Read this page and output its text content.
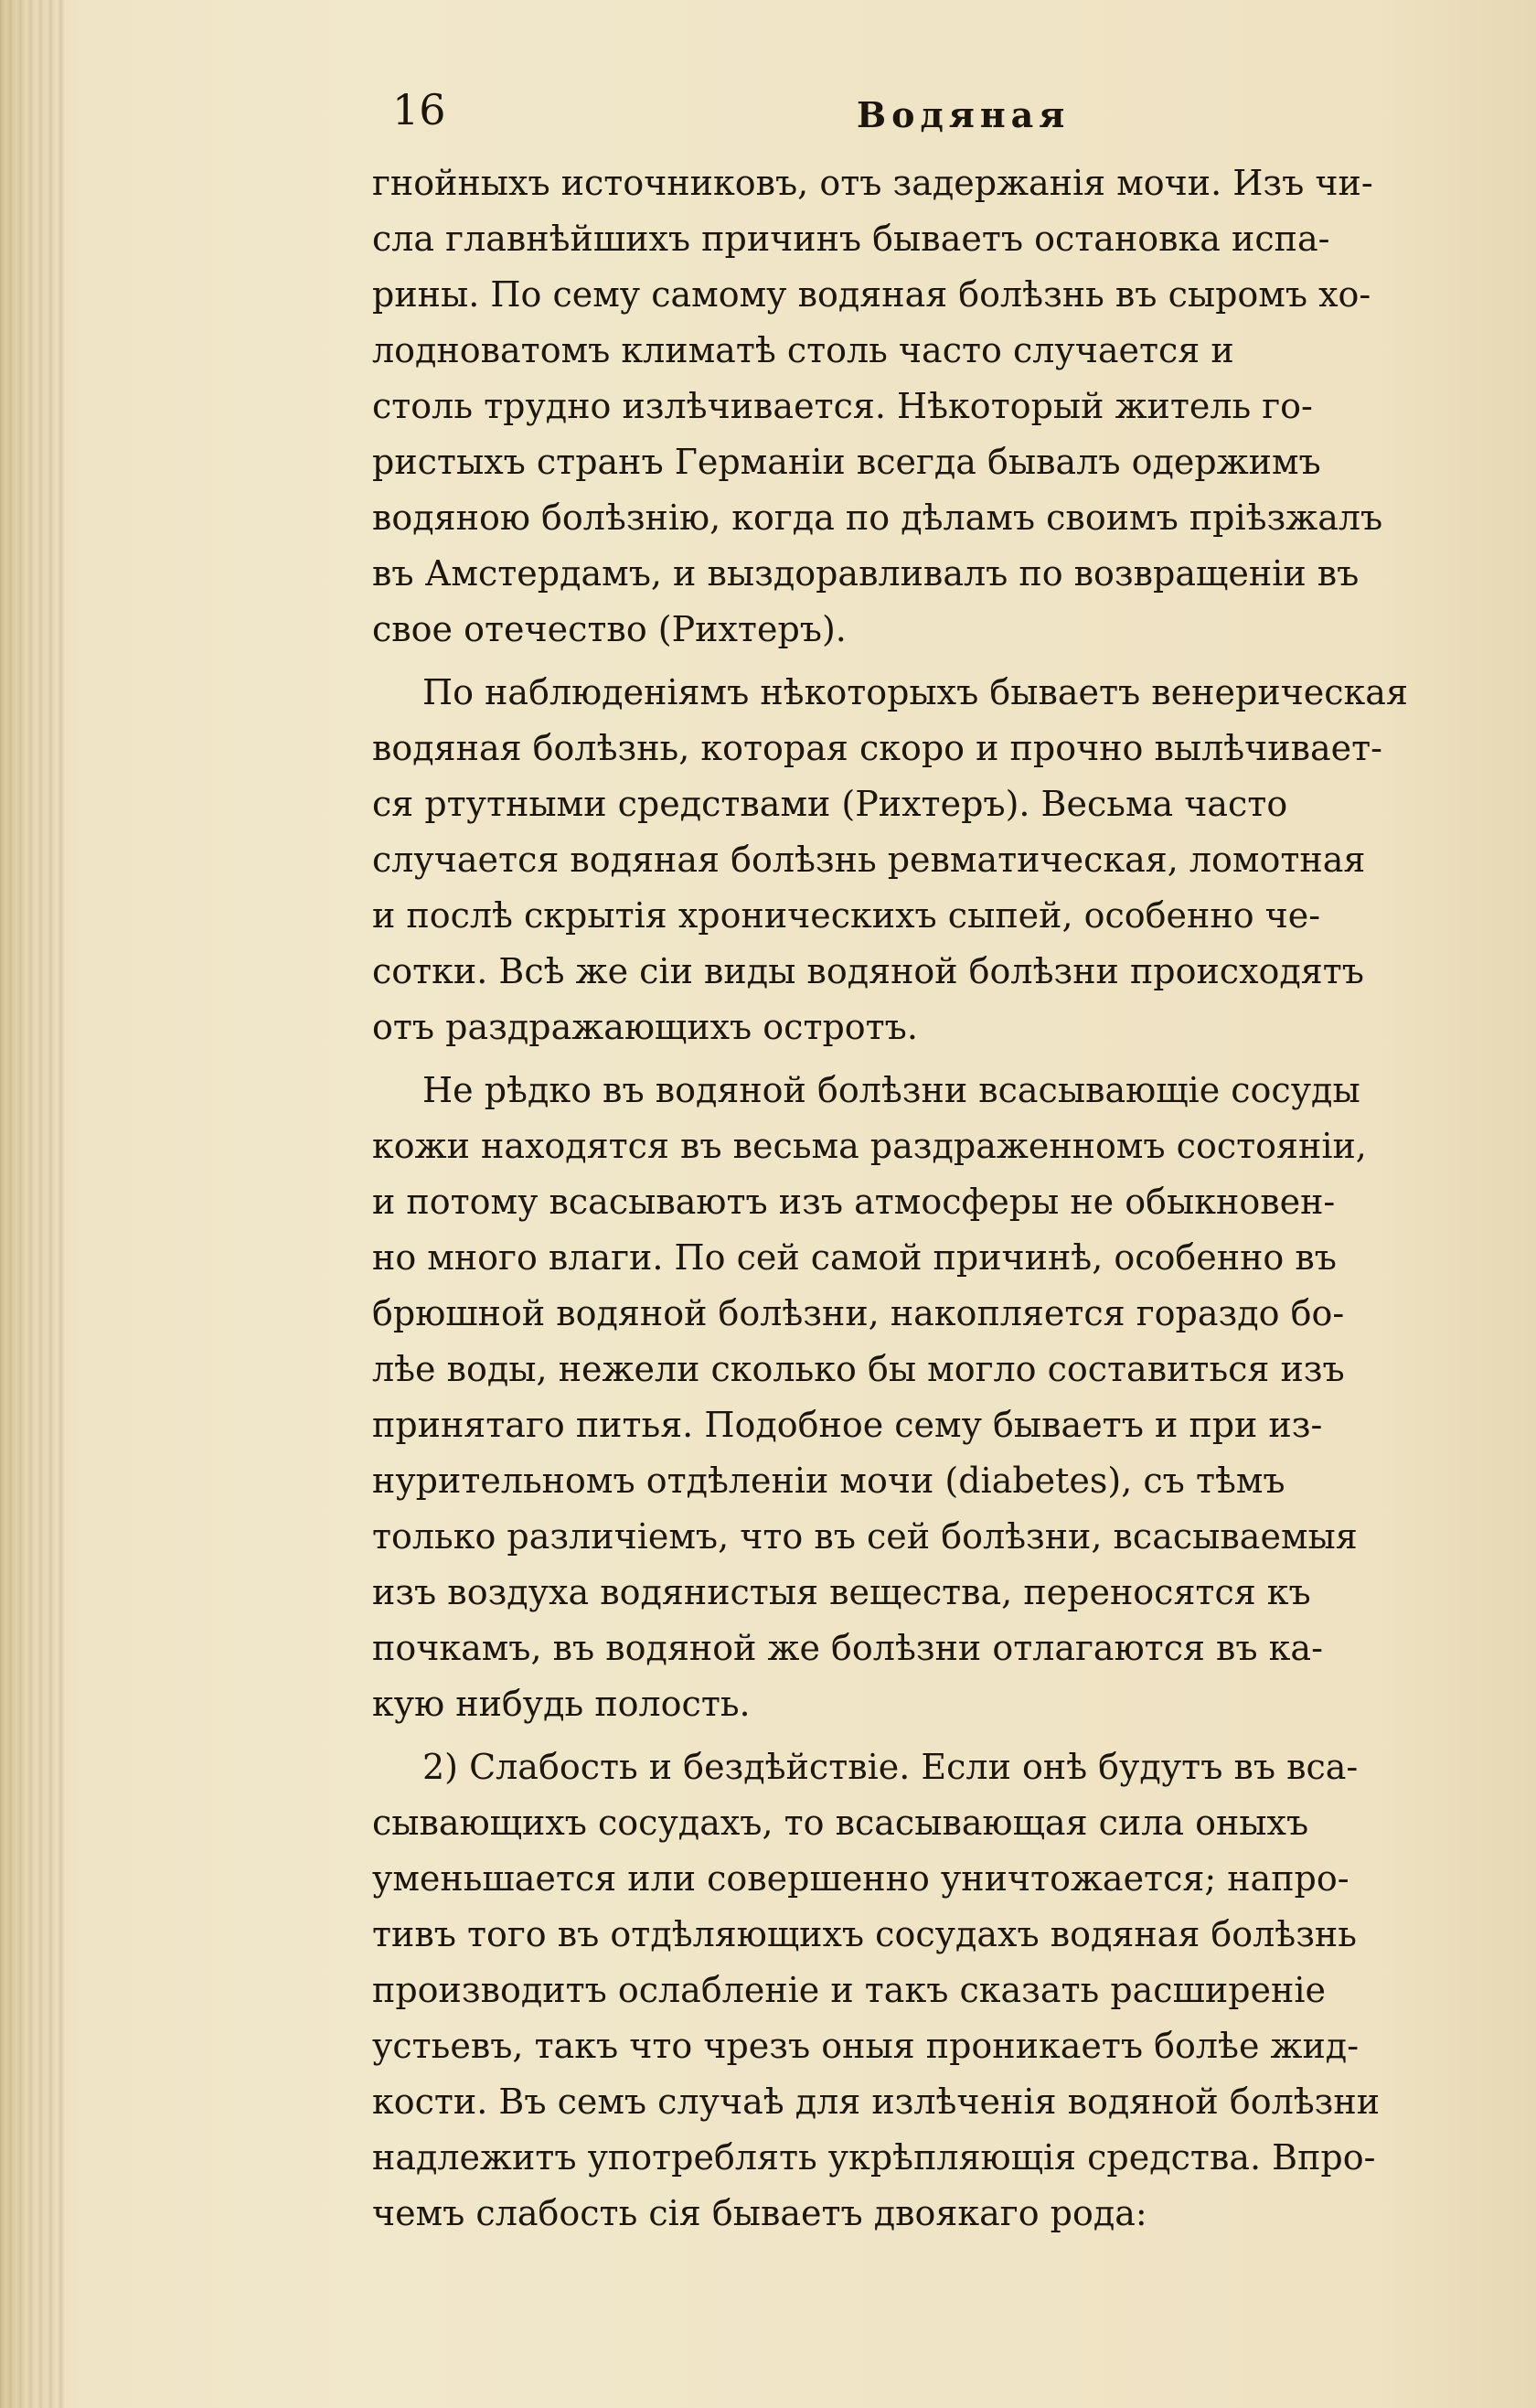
16	Водяная
гнойныхъ источниковъ, отъ задержанія мочи. Изъ чи-
сла главнѣйшихъ причинъ бываетъ остановка испа-
рины. По сему самому водяная болѣзнь въ сыромъ хо-
лодноватомъ климатѣ столь часто случается и
столь трудно излѣчивается. Нѣкоторый житель го-
ристыхъ странъ Германіи всегда бывалъ одержимъ
водяною болѣзнію, когда по дѣламъ своимъ пріѣзжалъ
въ Амстердамъ, и выздоравливалъ по возвращеніи въ
свое отечество (Рихтеръ).
По наблюденіямъ нѣкоторыхъ бываетъ венерическая
водяная болѣзнь, которая скоро и прочно вылѣчивает-
ся ртутными средствами (Рихтеръ). Весьма часто
случается водяная болѣзнь ревматическая, ломотная
и послѣ скрытія хроническихъ сыпей, особенно че-
сотки. Всѣ же сіи виды водяной болѣзни происходятъ
отъ раздражающихъ остротъ.
Не рѣдко въ водяной болѣзни всасывающіе сосуды
кожи находятся въ весьма раздраженномъ состояніи,
и потому всасываютъ изъ атмосферы не обыкновен-
но много влаги. По сей самой причинѣ, особенно въ
брюшной водяной болѣзни, накопляется гораздо бо-
лѣе воды, нежели сколько бы могло составиться изъ
принятаго питья. Подобное сему бываетъ и при из-
нурительномъ отдѣленіи мочи (diabetes), съ тѣмъ
только различіемъ, что въ сей болѣзни, всасываемыя
изъ воздуха водянистыя вещества, переносятся къ
почкамъ, въ водяной же болѣзни отлагаются въ ка-
кую нибудь полость.
2) Слабость и бездѣйствіе. Если онѣ будутъ въ вса-
сывающихъ сосудахъ, то всасывающая сила оныхъ
уменьшается или совершенно уничтожается; напро-
тивъ того въ отдѣляющихъ сосудахъ водяная болѣзнь
производитъ ослабленіе и такъ сказать расширеніе
устьевъ, такъ что чрезъ оныя проникаетъ болѣе жид-
кости. Въ семъ случаѣ для излѣченія водяной болѣзни
надлежитъ употреблять укрѣпляющія средства. Впро-
чемъ слабость сія бываетъ двоякаго рода:
